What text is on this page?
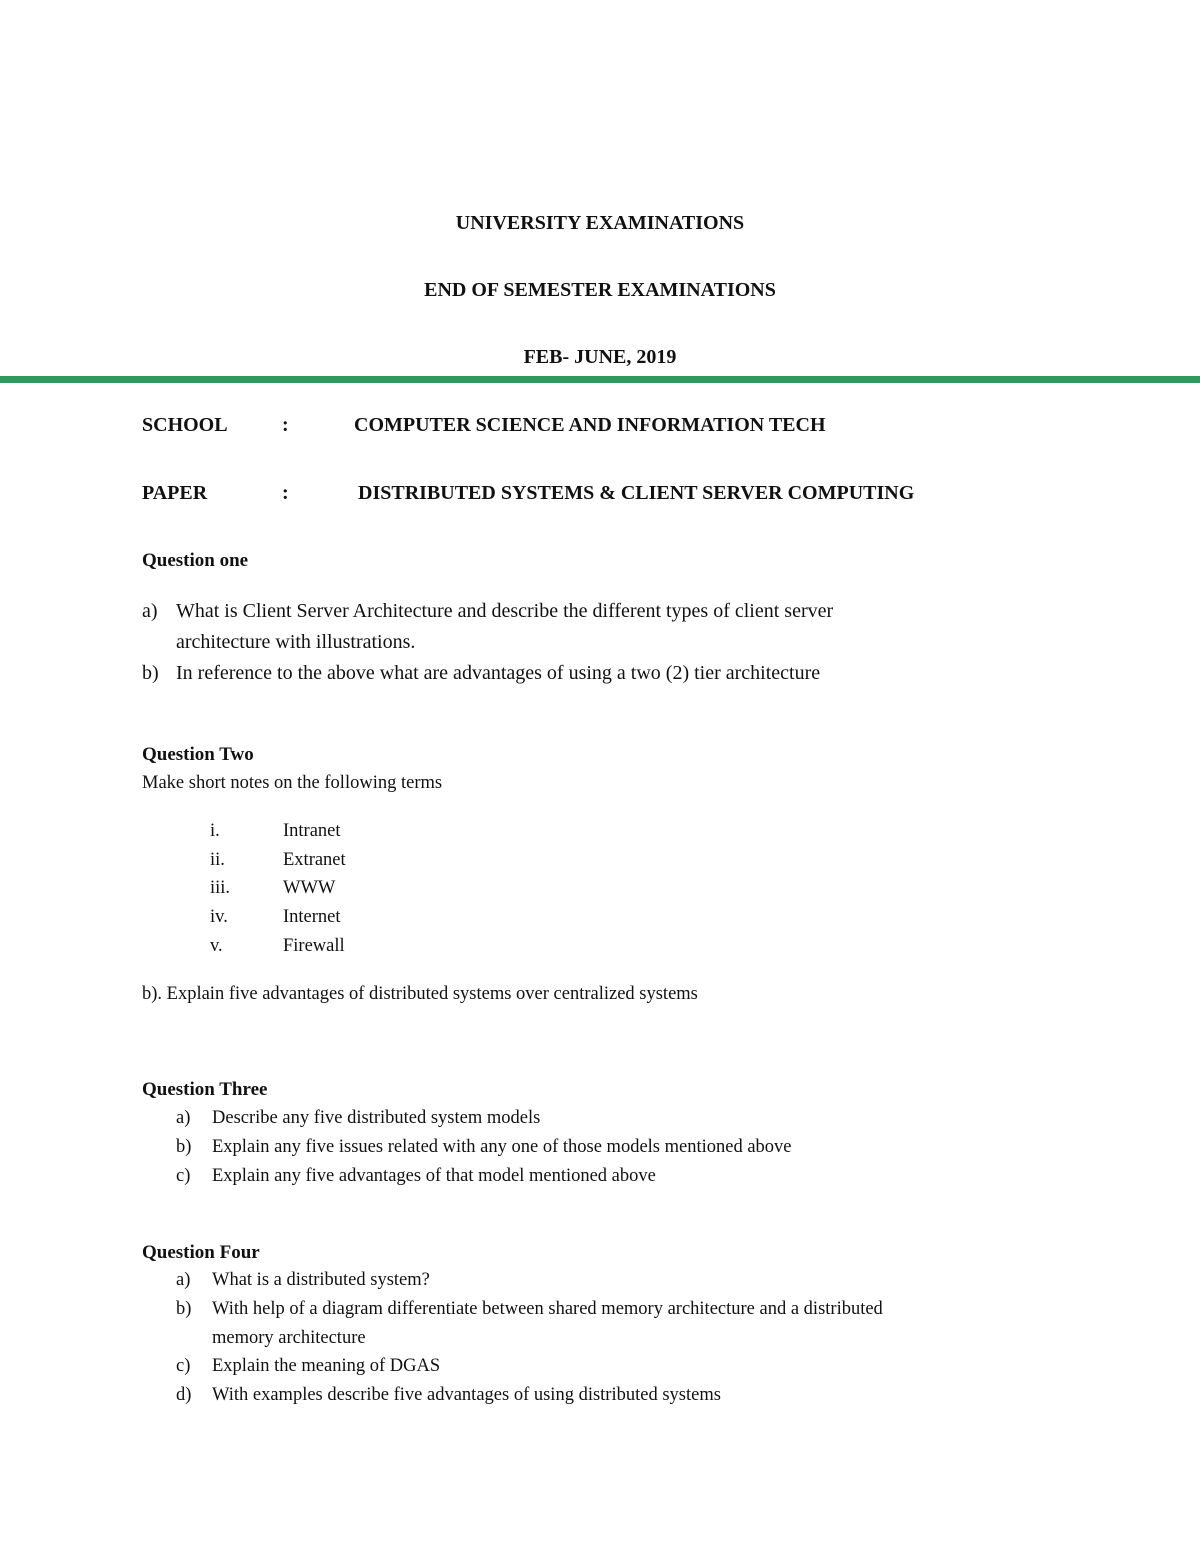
UNIVERSITY EXAMINATIONS
END OF SEMESTER EXAMINATIONS
FEB- JUNE, 2019
SCHOOL	:	COMPUTER SCIENCE AND INFORMATION TECH
PAPER	:	DISTRIBUTED SYSTEMS & CLIENT SERVER COMPUTING
Question one
a) What is Client Server Architecture and describe the different types of client server
architecture with illustrations.
b) In reference to the above what are advantages of using a two (2) tier architecture
Question Two
Make short notes on the following terms
i.	Intranet
ii.	Extranet
iii.	WWW
iv.	Internet
v.	Firewall
b). Explain five advantages of distributed systems over centralized systems
Question Three
a) Describe any five distributed system models
b) Explain any five issues related with any one of those models mentioned above
c) Explain any five advantages of that model mentioned above
Question Four
a) What is a distributed system?
b) With help of a diagram differentiate between shared memory architecture and a distributed
memory architecture
c) Explain the meaning of DGAS
d) With examples describe five advantages of using distributed systems
